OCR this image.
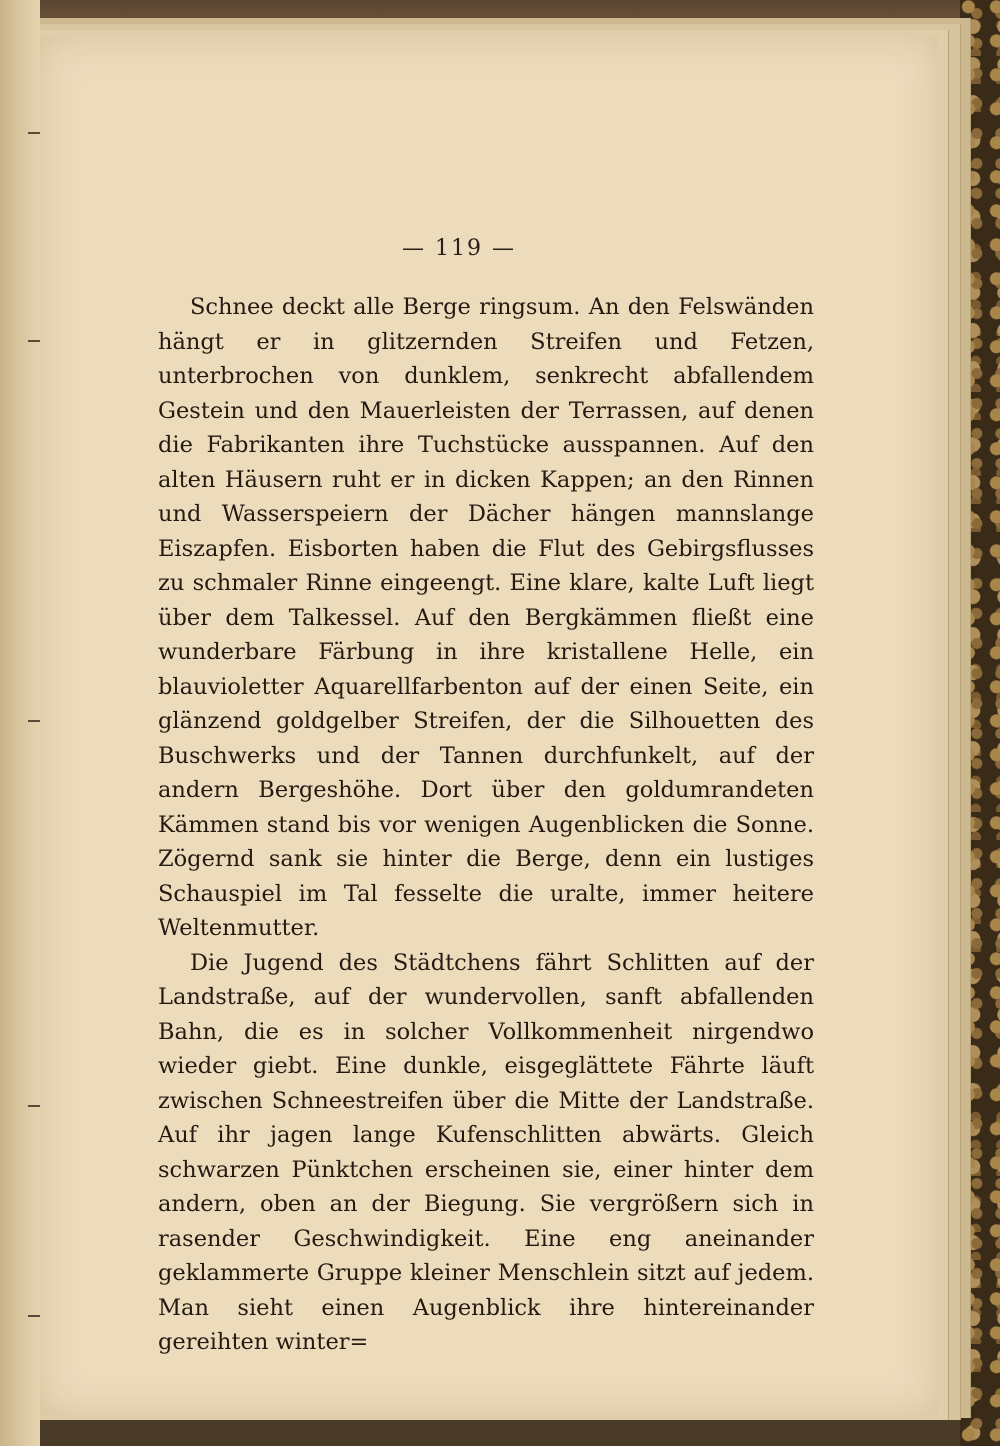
— 119 —

Schnee deckt alle Berge ringsum. An den Felswänden hängt er in glitzernden Streifen und Fetzen, unterbrochen von dunklem, senkrecht abfallendem Gestein und den Mauerleisten der Terrassen, auf denen die Fabrikanten ihre Tuchstücke ausspannen. Auf den alten Häusern ruht er in dicken Kappen; an den Rinnen und Wasserspeiern der Dächer hängen mannslange Eiszapfen. Eisborten haben die Flut des Gebirgsflusses zu schmaler Rinne eingeengt. Eine klare, kalte Luft liegt über dem Talkessel. Auf den Bergkämmen fließt eine wunderbare Färbung in ihre kristallene Helle, ein blauvioletter Aquarellfarbenton auf der einen Seite, ein glänzend goldgelber Streifen, der die Silhouetten des Buschwerks und der Tannen durchfunkelt, auf der andern Bergeshöhe. Dort über den goldumrandeten Kämmen stand bis vor wenigen Augenblicken die Sonne. Zögernd sank sie hinter die Berge, denn ein lustiges Schauspiel im Tal fesselte die uralte, immer heitere Weltenmutter.

Die Jugend des Städtchens fährt Schlitten auf der Landstraße, auf der wundervollen, sanft abfallenden Bahn, die es in solcher Vollkommenheit nirgendwo wieder giebt. Eine dunkle, eisgeglättete Fährte läuft zwischen Schneestreifen über die Mitte der Landstraße. Auf ihr jagen lange Kufenschlitten abwärts. Gleich schwarzen Pünktchen erscheinen sie, einer hinter dem andern, oben an der Biegung. Sie vergrößern sich in rasender Geschwindigkeit. Eine eng aneinander geklammerte Gruppe kleiner Menschlein sitzt auf jedem. Man sieht einen Augenblick ihre hintereinander gereihten winter=
